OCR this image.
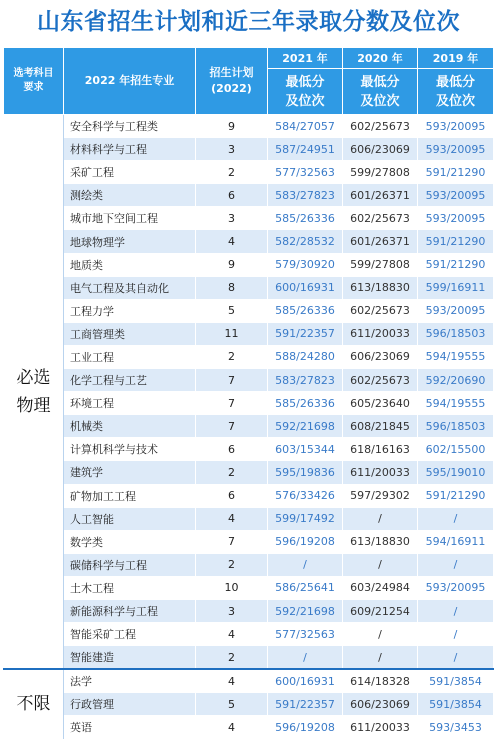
山东省招生计划和近三年录取分数及位次
选考科目要求	2022 年招生专业	招生计划(2022)	2021 年	2020 年	2019 年

			最低分及位次	最低分及位次	最低分及位次

必选物理	安全科学与工程类	9	584/27057	602/25673	593/20095
	材料科学与工程	3	587/24951	606/23069	593/20095
	采矿工程	2	577/32563	599/27808	591/21290
	测绘类	6	583/27823	601/26371	593/20095
	城市地下空间工程	3	585/26336	602/25673	593/20095
	地球物理学	4	582/28532	601/26371	591/21290
	地质类	9	579/30920	599/27808	591/21290
	电气工程及其自动化	8	600/16931	613/18830	599/16911
	工程力学	5	585/26336	602/25673	593/20095
	工商管理类	11	591/22357	611/20033	596/18503
	工业工程	2	588/24280	606/23069	594/19555
	化学工程与工艺	7	583/27823	602/25673	592/20690
	环境工程	7	585/26336	605/23640	594/19555
	机械类	7	592/21698	608/21845	596/18503
	计算机科学与技术	6	603/15344	618/16163	602/15500
	建筑学	2	595/19836	611/20033	595/19010
	矿物加工工程	6	576/33426	597/29302	591/21290
	人工智能	4	599/17492	/	/
	数学类	7	596/19208	613/18830	594/16911
	碳储科学与工程	2	/	/	/
	土木工程	10	586/25641	603/24984	593/20095
	新能源科学与工程	3	592/21698	609/21254	/
	智能采矿工程	4	577/32563	/	/
	智能建造	2	/	/	/

不限	法学	4	600/16931	614/18328	591/3854
	行政管理	5	591/22357	606/23069	591/3854
	英语	4	596/19208	611/20033	593/3453
